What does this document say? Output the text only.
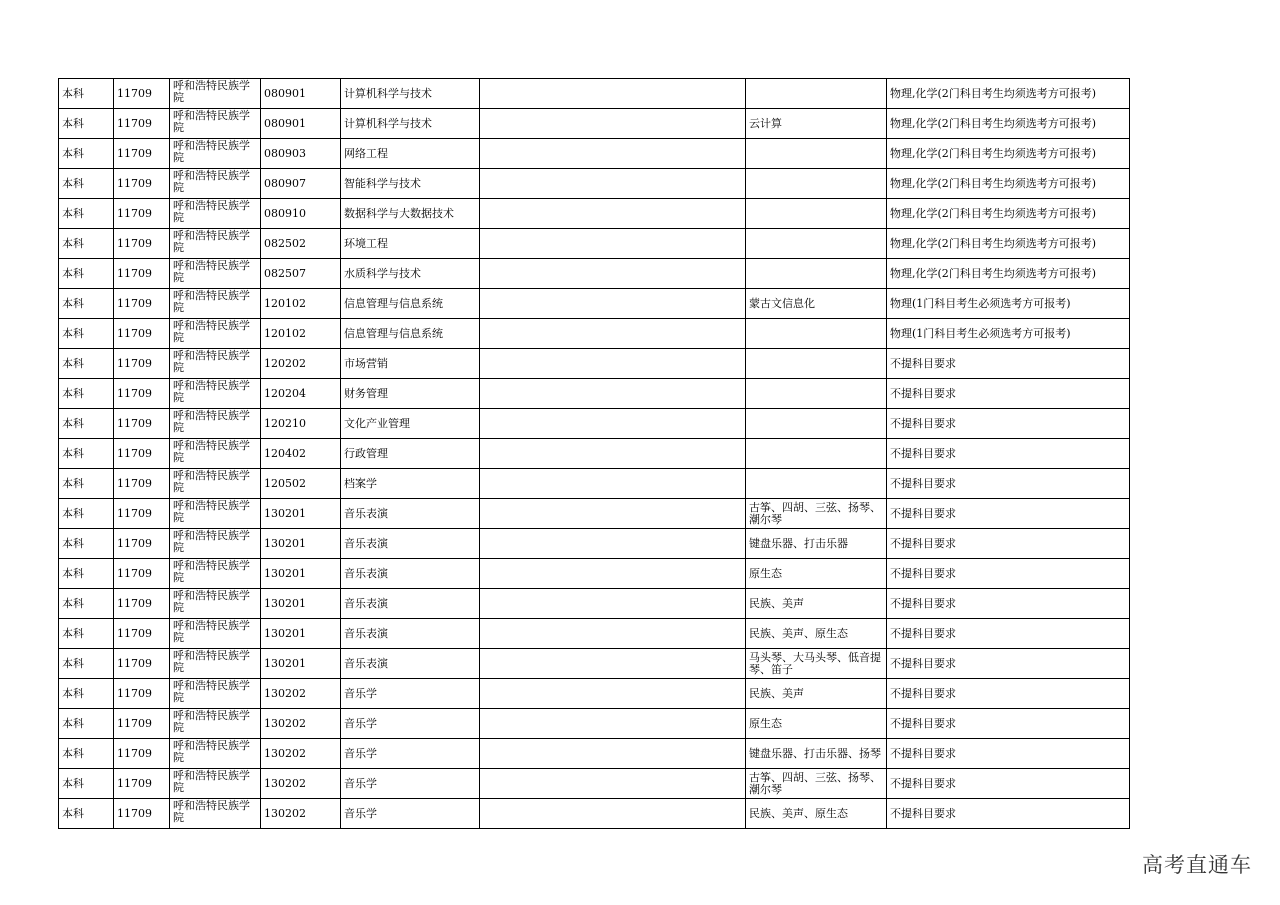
本科	11709	呼和浩特民族学院	080901	计算机科学与技术			物理,化学(2门科目考生均须选考方可报考)
本科	11709	呼和浩特民族学院	080901	计算机科学与技术		云计算	物理,化学(2门科目考生均须选考方可报考)
本科	11709	呼和浩特民族学院	080903	网络工程			物理,化学(2门科目考生均须选考方可报考)
本科	11709	呼和浩特民族学院	080907	智能科学与技术			物理,化学(2门科目考生均须选考方可报考)
本科	11709	呼和浩特民族学院	080910	数据科学与大数据技术			物理,化学(2门科目考生均须选考方可报考)
本科	11709	呼和浩特民族学院	082502	环境工程			物理,化学(2门科目考生均须选考方可报考)
本科	11709	呼和浩特民族学院	082507	水质科学与技术			物理,化学(2门科目考生均须选考方可报考)
本科	11709	呼和浩特民族学院	120102	信息管理与信息系统		蒙古文信息化	物理(1门科目考生必须选考方可报考)
本科	11709	呼和浩特民族学院	120102	信息管理与信息系统			物理(1门科目考生必须选考方可报考)
本科	11709	呼和浩特民族学院	120202	市场营销			不提科目要求
本科	11709	呼和浩特民族学院	120204	财务管理			不提科目要求
本科	11709	呼和浩特民族学院	120210	文化产业管理			不提科目要求
本科	11709	呼和浩特民族学院	120402	行政管理			不提科目要求
本科	11709	呼和浩特民族学院	120502	档案学			不提科目要求
本科	11709	呼和浩特民族学院	130201	音乐表演		古筝、四胡、三弦、扬琴、潮尔琴	不提科目要求
本科	11709	呼和浩特民族学院	130201	音乐表演		键盘乐器、打击乐器	不提科目要求
本科	11709	呼和浩特民族学院	130201	音乐表演		原生态	不提科目要求
本科	11709	呼和浩特民族学院	130201	音乐表演		民族、美声	不提科目要求
本科	11709	呼和浩特民族学院	130201	音乐表演		民族、美声、原生态	不提科目要求
本科	11709	呼和浩特民族学院	130201	音乐表演		马头琴、大马头琴、低音提琴、笛子	不提科目要求
本科	11709	呼和浩特民族学院	130202	音乐学		民族、美声	不提科目要求
本科	11709	呼和浩特民族学院	130202	音乐学		原生态	不提科目要求
本科	11709	呼和浩特民族学院	130202	音乐学		键盘乐器、打击乐器、扬琴	不提科目要求
本科	11709	呼和浩特民族学院	130202	音乐学		古筝、四胡、三弦、扬琴、潮尔琴	不提科目要求
本科	11709	呼和浩特民族学院	130202	音乐学		民族、美声、原生态	不提科目要求
高考直通车
